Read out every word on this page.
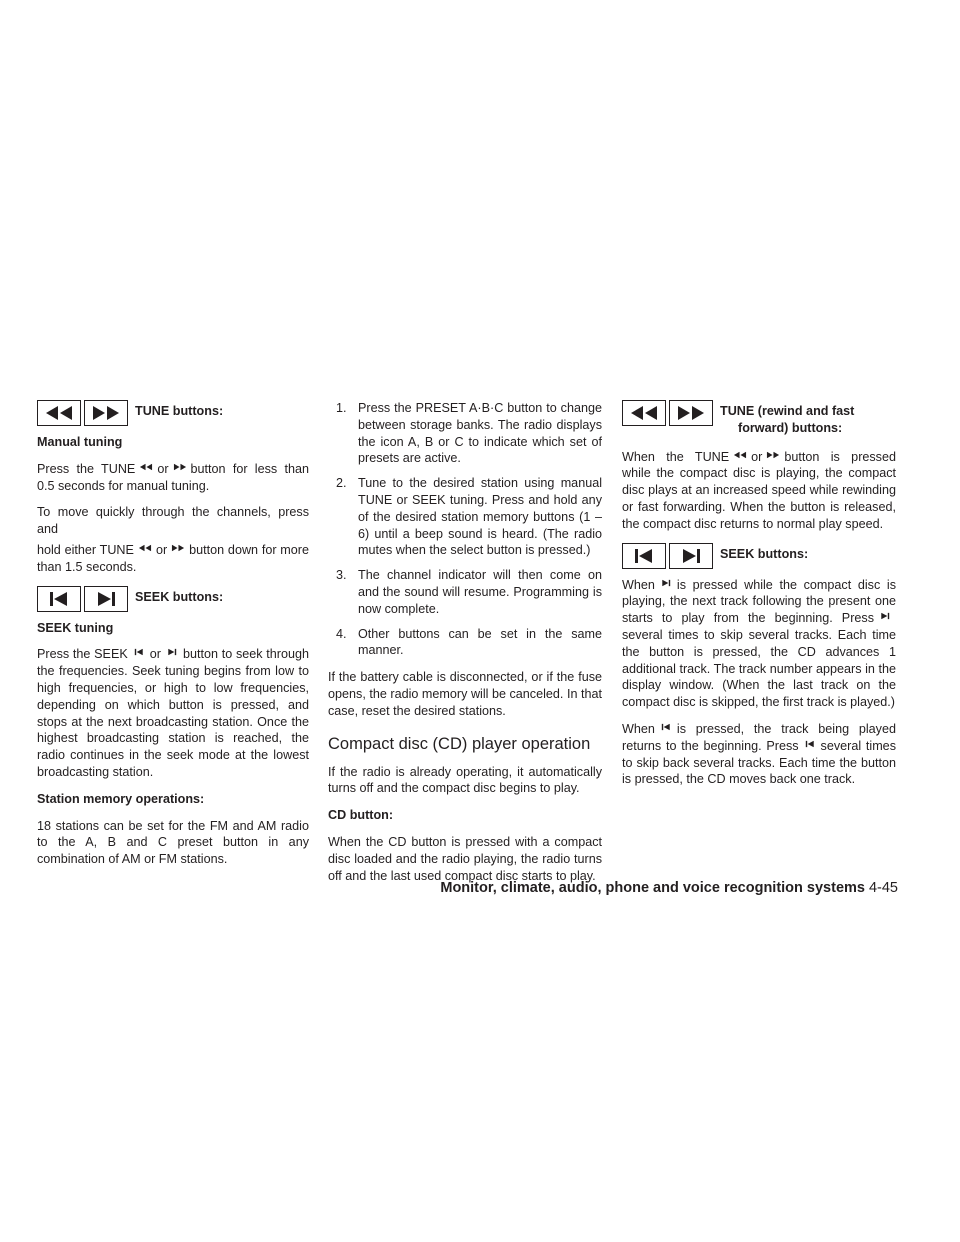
TUNE buttons:

Manual tuning

Press the TUNE or button for less than 0.5 seconds for manual tuning.

To move quickly through the channels, press and

hold either TUNE or button down for more than 1.5 seconds.

SEEK buttons:

SEEK tuning

Press the SEEK or button to seek through the frequencies. Seek tuning begins from low to high frequencies, or high to low frequencies, depending on which button is pressed, and stops at the next broadcasting station. Once the highest broadcasting station is reached, the radio continues in the seek mode at the lowest broadcasting station.

Station memory operations:

18 stations can be set for the FM and AM radio to the A, B and C preset button in any combination of AM or FM stations.

1. Press the PRESET A·B·C button to change between storage banks. The radio displays the icon A, B or C to indicate which set of presets are active.
2. Tune to the desired station using manual TUNE or SEEK tuning. Press and hold any of the desired station memory buttons (1 – 6) until a beep sound is heard. (The radio mutes when the select button is pressed.)
3. The channel indicator will then come on and the sound will resume. Programming is now complete.
4. Other buttons can be set in the same manner.

If the battery cable is disconnected, or if the fuse opens, the radio memory will be canceled. In that case, reset the desired stations.

Compact disc (CD) player operation

If the radio is already operating, it automatically turns off and the compact disc begins to play.

CD button:

When the CD button is pressed with a compact disc loaded and the radio playing, the radio turns off and the last used compact disc starts to play.

TUNE (rewind and fast
forward) buttons:

When the TUNE or button is pressed while the compact disc is playing, the compact disc plays at an increased speed while rewinding or fast forwarding. When the button is released, the compact disc returns to normal play speed.

SEEK buttons:

When is pressed while the compact disc is playing, the next track following the present one starts to play from the beginning. Pressseveral times to skip several tracks. Each time the button is pressed, the CD advances 1 additional track. The track number appears in the display window. (When the last track on the compact disc is skipped, the first track is played.)

When is pressed, the track being played returns to the beginning. Press several times to skip back several tracks. Each time the button is pressed, the CD moves back one track.

Monitor, climate, audio, phone and voice recognition systems 4-45
